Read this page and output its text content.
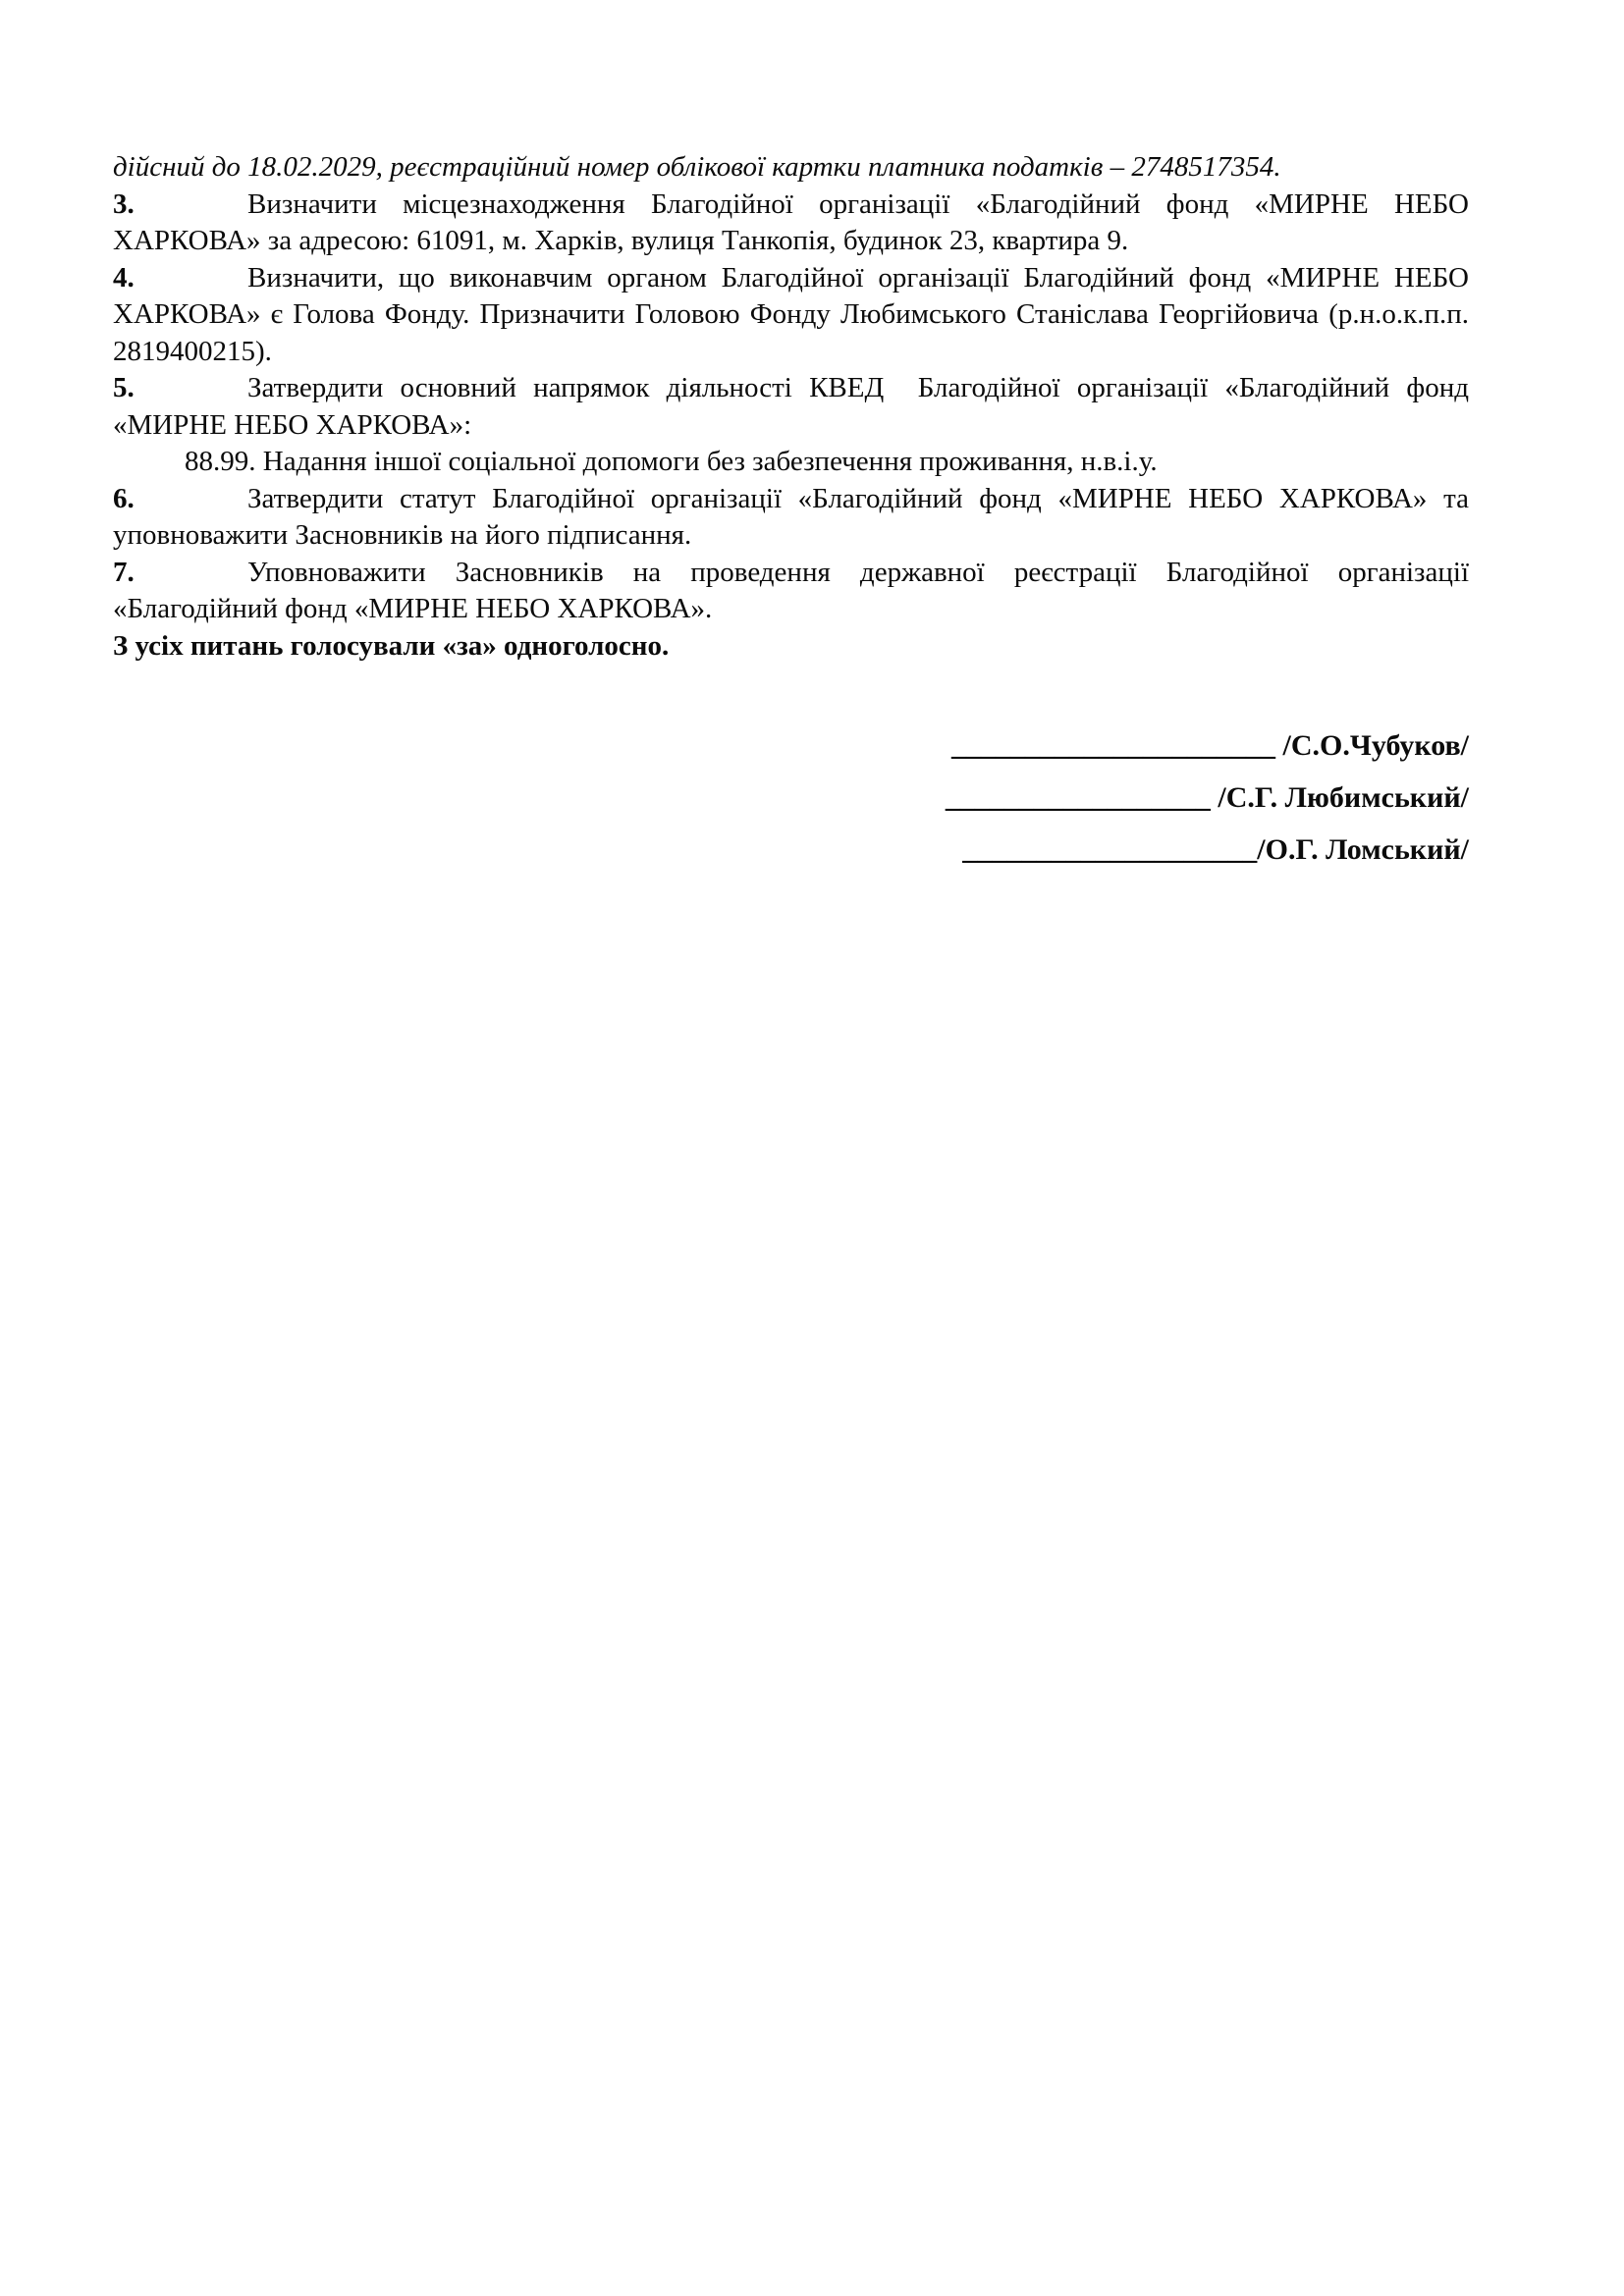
дійсний до 18.02.2029, реєстраційний номер облікової картки платника податків – 2748517354.

3.	Визначити місцезнаходження Благодійної організації «Благодійний фонд «МИРНЕ НЕБО ХАРКОВА» за адресою: 61091, м. Харків, вулиця Танкопія, будинок 23, квартира 9.

4.	Визначити, що виконавчим органом Благодійної організації Благодійний фонд «МИРНЕ НЕБО ХАРКОВА» є Голова Фонду. Призначити Головою Фонду Любимського Станіслава Георгійовича (р.н.о.к.п.п. 2819400215).

5.	Затвердити основний напрямок діяльності КВЕД  Благодійної організації «Благодійний фонд «МИРНЕ НЕБО ХАРКОВА»:

88.99. Надання іншої соціальної допомоги без забезпечення проживання, н.в.і.у.

6.	Затвердити статут Благодійної організації «Благодійний фонд «МИРНЕ НЕБО ХАРКОВА» та уповноважити Засновників на його підписання.

7.	Уповноважити Засновників на проведення державної реєстрації Благодійної організації «Благодійний фонд «МИРНЕ НЕБО ХАРКОВА».

З усіх питань голосували «за» одноголосно.

______________________ /С.О.Чубуков/
__________________ /С.Г. Любимський/
____________________/О.Г. Ломський/
